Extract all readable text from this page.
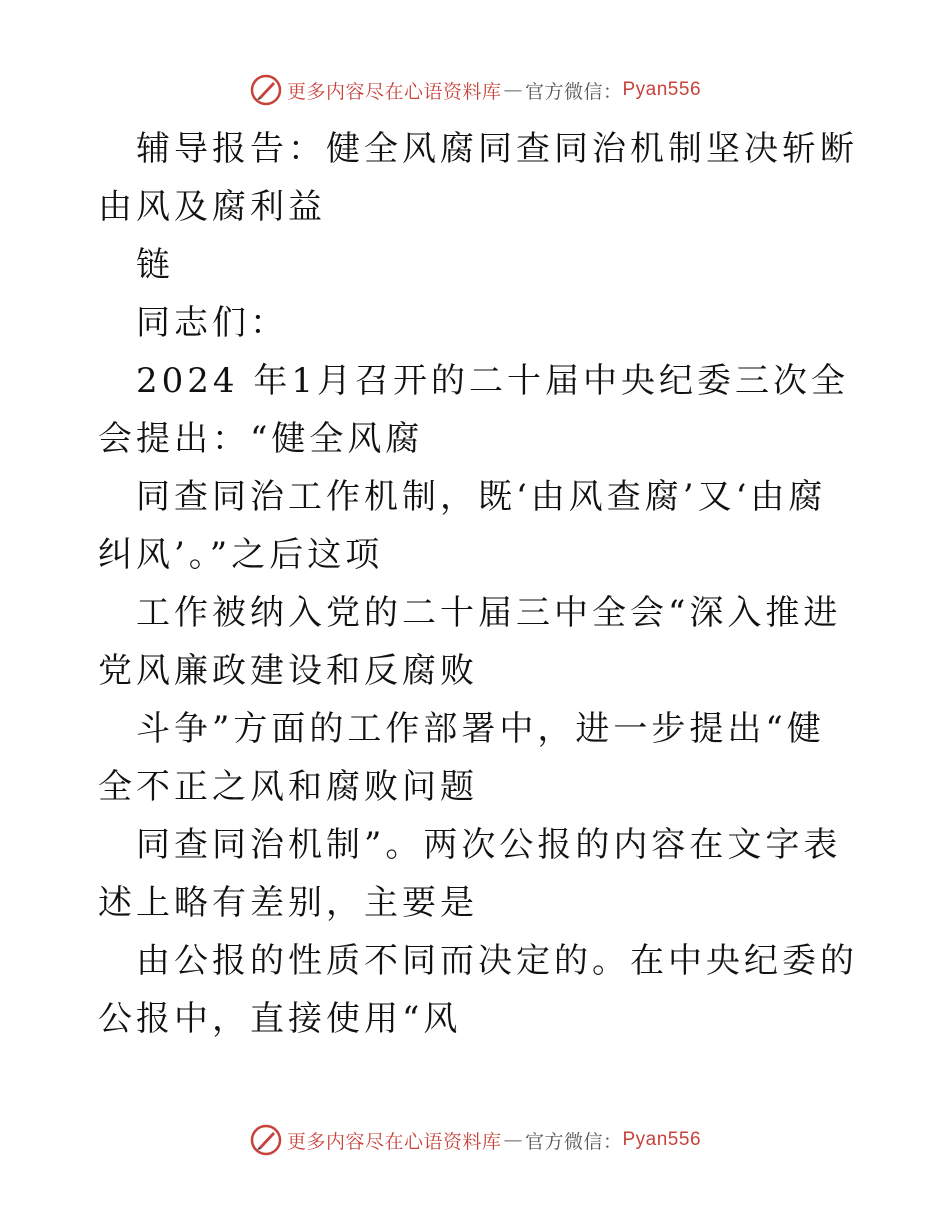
更多内容尽在心语资料库 — 官方微信： Pyan556

辅导报告：健全风腐同查同治机制坚决斩断由风及腐利益

链

同志们：

2024 年1月召开的二十届中央纪委三次全会提出：“健全风腐

同查同治工作机制，既‘由风查腐’又‘由腐纠风’。”之后这项

工作被纳入党的二十届三中全会“深入推进党风廉政建设和反腐败

斗争”方面的工作部署中，进一步提出“健全不正之风和腐败问题

同查同治机制”。两次公报的内容在文字表述上略有差别，主要是

由公报的性质不同而决定的。在中央纪委的公报中，直接使用“风

更多内容尽在心语资料库 — 官方微信： Pyan556
